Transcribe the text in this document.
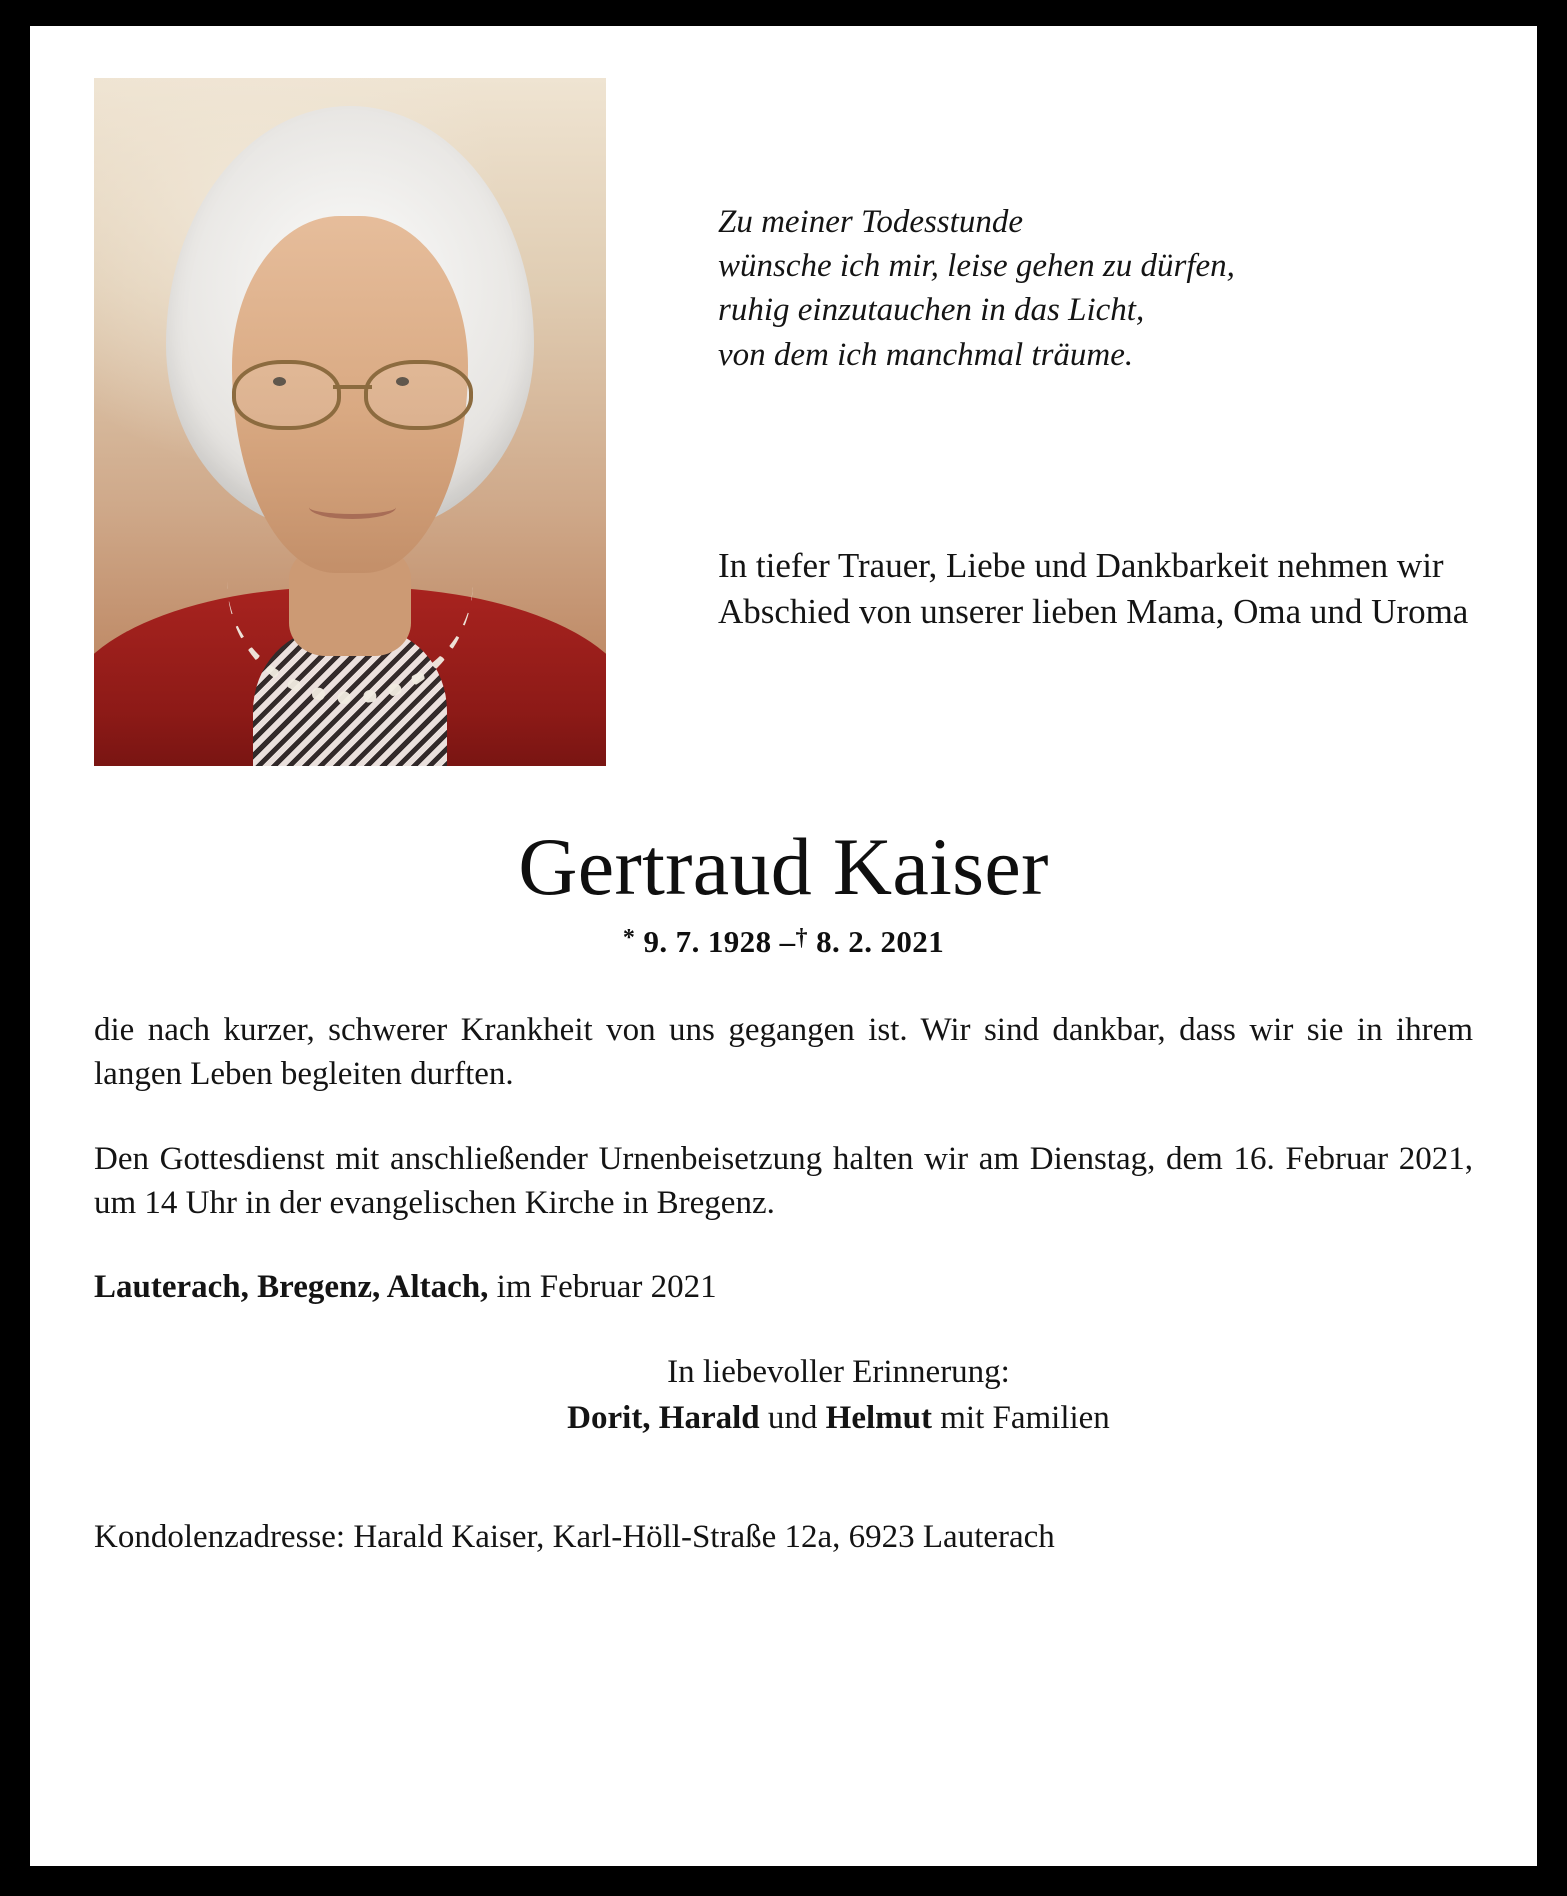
Zu meiner Todesstunde
wünsche ich mir, leise gehen zu dürfen,
ruhig einzutauchen in das Licht,
von dem ich manchmal träume.
In tiefer Trauer, Liebe und Dankbarkeit nehmen wir Abschied von unserer lieben Mama, Oma und Uroma
Gertraud Kaiser
* 9. 7. 1928 –† 8. 2. 2021
die nach kurzer, schwerer Krankheit von uns gegangen ist. Wir sind dankbar, dass wir sie in ihrem langen Leben begleiten durften.
Den Gottesdienst mit anschließender Urnenbeisetzung halten wir am Dienstag, dem 16. Februar 2021, um 14 Uhr in der evangelischen Kirche in Bregenz.
Lauterach, Bregenz, Altach, im Februar 2021
In liebevoller Erinnerung:
Dorit, Harald und Helmut mit Familien
Kondolenzadresse: Harald Kaiser, Karl-Höll-Straße 12a, 6923 Lauterach
